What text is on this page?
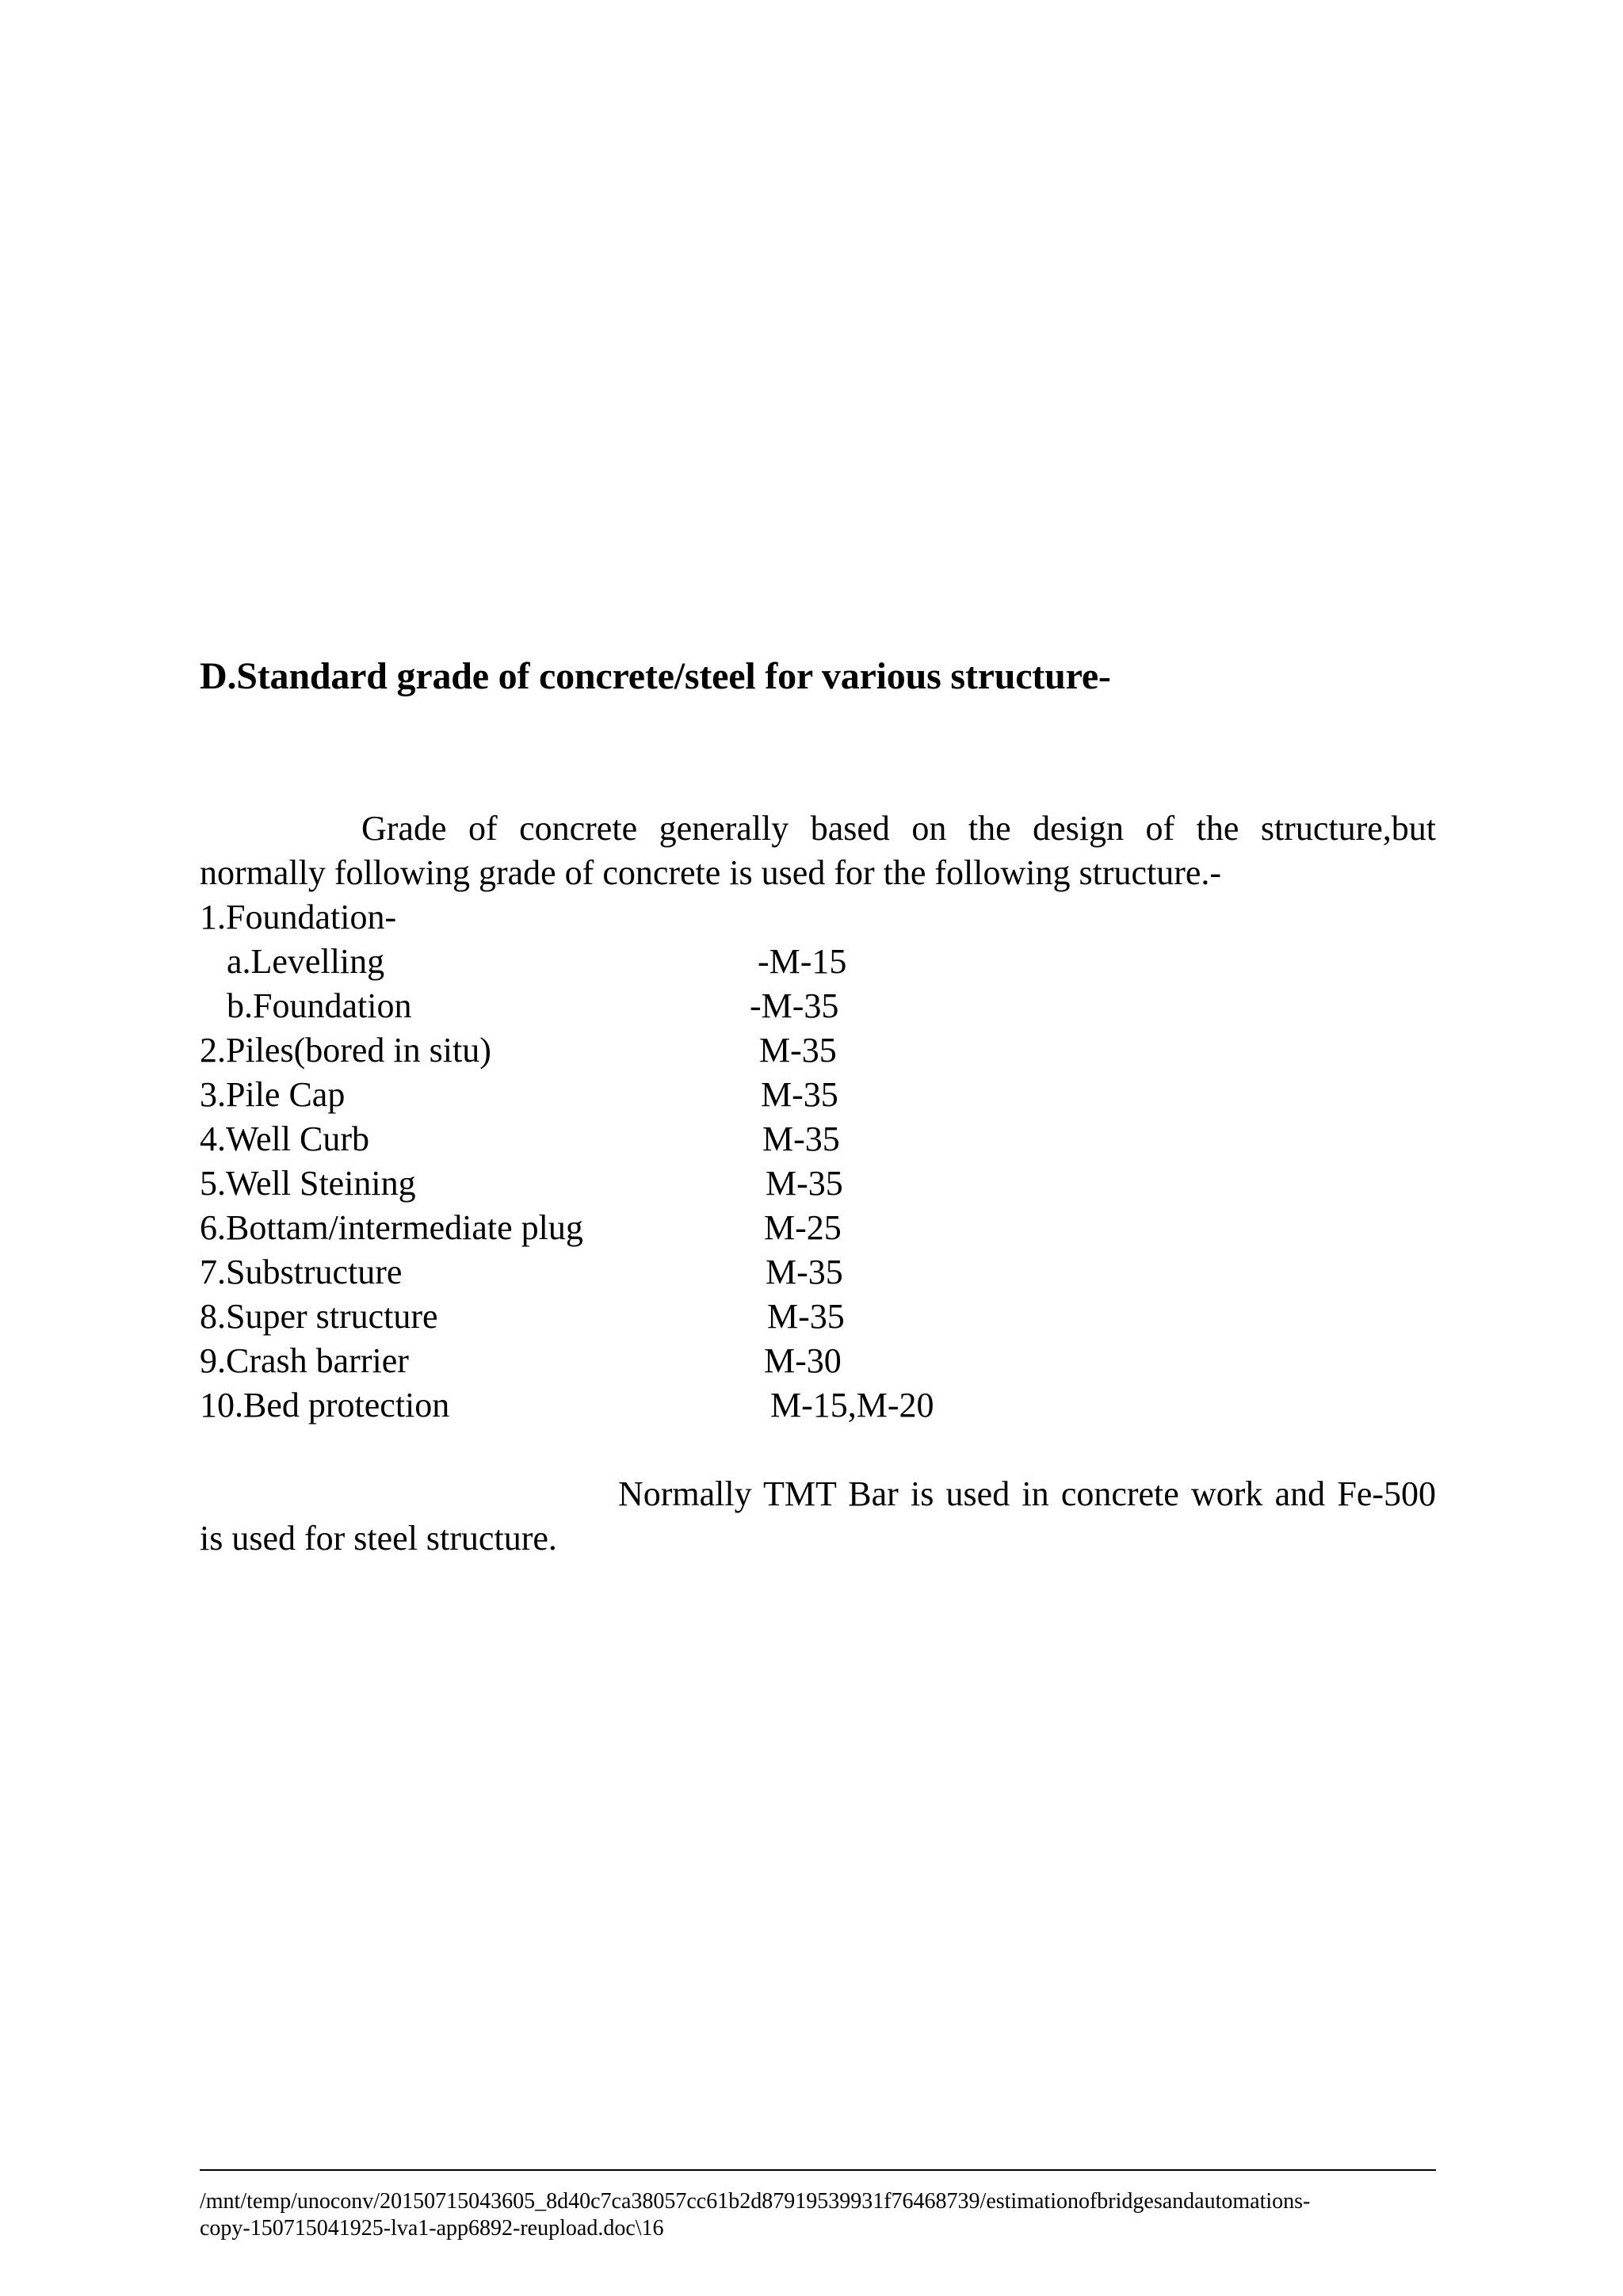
D.Standard grade of concrete/steel for various structure-

Grade of concrete generally based on the design of the structure,but normally following grade of concrete is used for the following structure.-

1.Foundation-
a.Levelling	-M-15
b.Foundation	-M-35
2.Piles(bored in situ)	M-35
3.Pile Cap	M-35
4.Well Curb	M-35
5.Well Steining	M-35
6.Bottam/intermediate plug	M-25
7.Substructure	M-35
8.Super structure	M-35
9.Crash barrier	M-30
10.Bed protection	M-15,M-20

Normally TMT Bar is used in concrete work and Fe-500 is used for steel structure.

/mnt/temp/unoconv/20150715043605_8d40c7ca38057cc61b2d87919539931f76468739/estimationofbridgesandautomations-
copy-150715041925-lva1-app6892-reupload.doc\16
